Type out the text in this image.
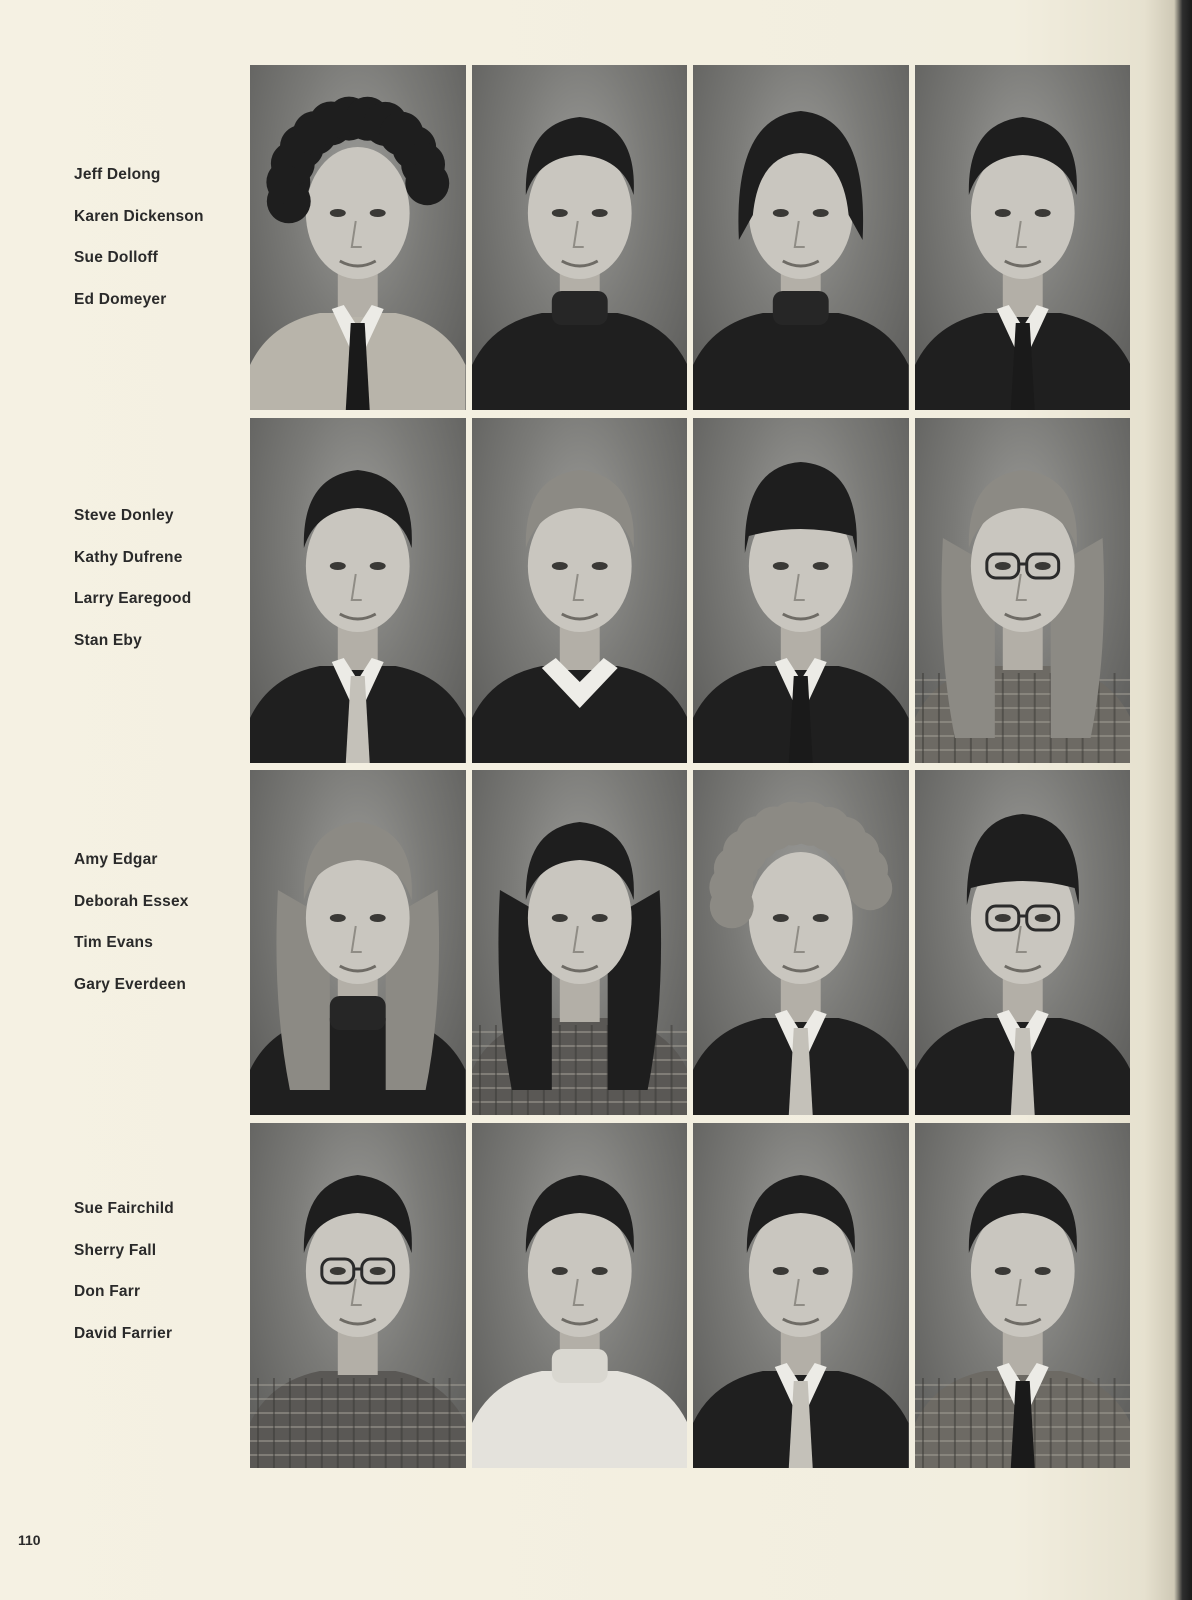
Jeff Delong
Karen Dickenson
Sue Dolloff
Ed Domeyer
Steve Donley
Kathy Dufrene
Larry Earegood
Stan Eby
Amy Edgar
Deborah Essex
Tim Evans
Gary Everdeen
Sue Fairchild
Sherry Fall
Don Farr
David Farrier
110
